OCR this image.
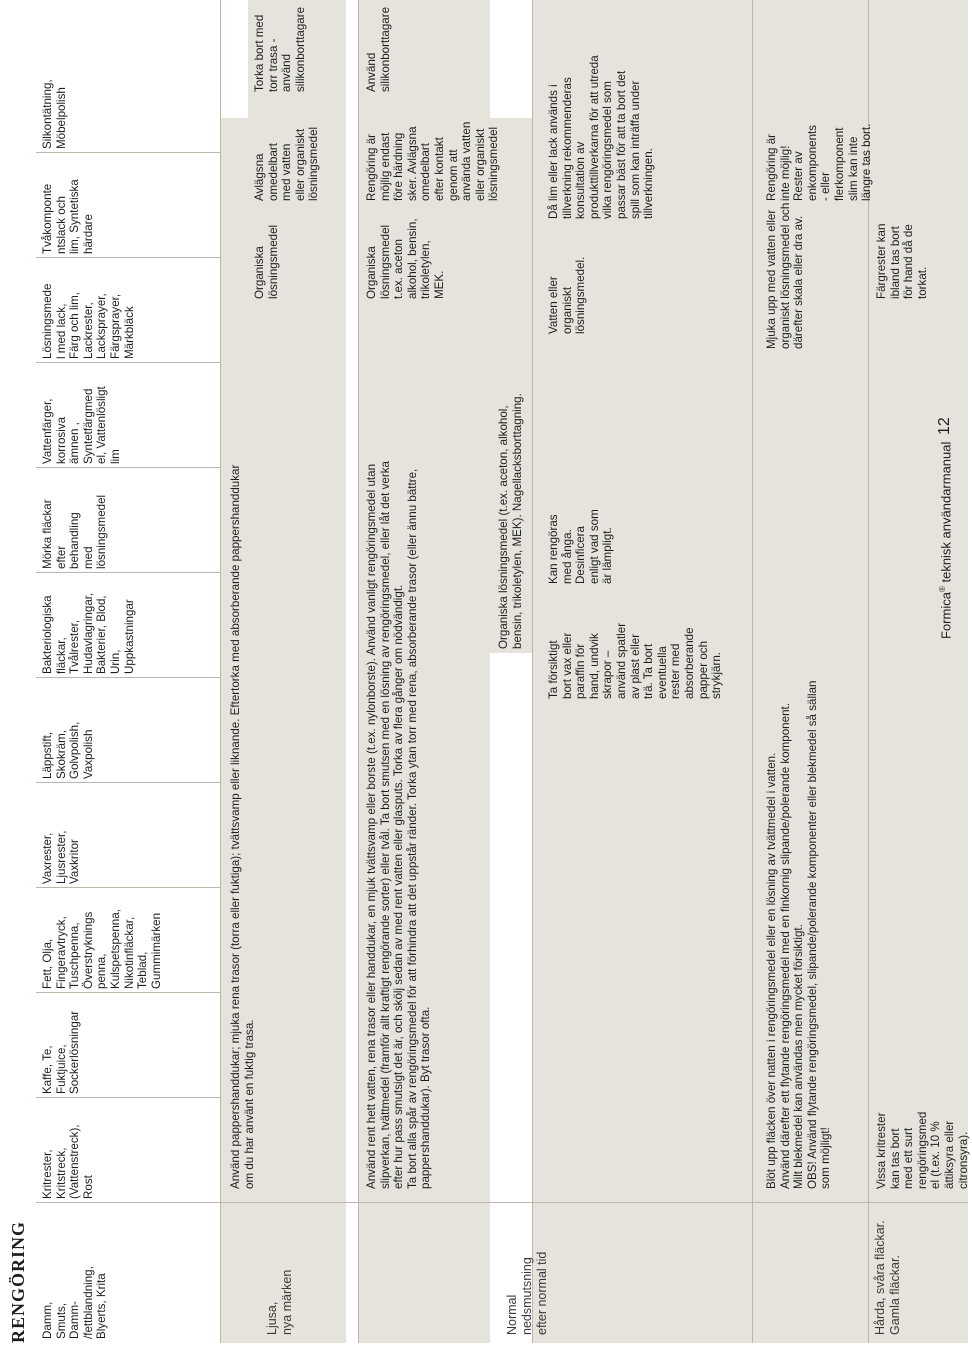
RENGÖRING Damm, Smuts, Damm- /fettblandning, Blyerts, Krita
Kritrester, Kritstreck, (Vattenstreck), Rost
Kaffe, Te, Fuktjuice, Sockerlösningar
Fett, Olja, Fingeravtryck, Tuschpenna, Överstryknings penna, Kulspetspenna, Nikotinfläckar, Teblad, Gummimärken
Vaxrester, Ljusrester, Vaxkritor
Läppstift, Skokräm, Golvpolish, Vaxpolish
Bakteriologiska fläckar, Tvålrester, Hudavlagringar, Bakterier, Blod, Urin, Uppkastningar
Mörka fläckar efter behandling med lösningsmedel
Vattenfärger, korrosiva ämnen , Syntetfärgmed el, Vattenlösligt lim
Lösningsmede l med lack, Färg och lim, Lackrester, Lacksprayer, Färgsprayer, Märkbläck
Tvåkomponte ntslack och lim, Syntetiska härdare
Silkontätning, Möbelpolish
Ljusa, nya märken	Normal nedsmutsning efter normal tid	Hårda, svåra fläckar. Gamla fläckar.
Använd pappershanddukar; mjuka rena trasor (torra eller fuktiga); tvättsvamp eller liknande. Eftertorka med absorberande pappershanddukar om du har använt en fuktig trasa.
Organiska lösningsmedel
Avlägsna omedelbart med vatten eller organiskt lösningsmedel
Torka bort med torr trasa - använd silikonborttagare
Använd rent hett vatten, rena trasor eller handdukar, en mjuk tvättsvamp eller borste (t.ex. nylonborste). Använd vanligt rengöringsmedel utan slipverkan, tvättmedel (framför allt kraftigt rengörande sorter) eller tvål. Ta bort smutsen med en lösning av rengöringsmedel, eller låt det verka efter hur pass smutsigt det är, och skölj sedan av med rent vatten eller glasputs. Torka av flera gånger om nödvändigt. Ta bort alla spår av rengöringsmedel för att förhindra att det uppstår ränder. Torka ytan torr med rena, absorberande trasor (eller ännu bättre, pappershanddukar). Byt trasor ofta.
Organiska lösningsmedel t.ex. aceton alkohol, bensin, trikoletylen, MEK.
Rengöring är möjlig endast före härdning sker. Avlägsna omedelbart efter kontakt genom att använda vatten eller organiskt lösningsmedel
Använd silikonborttagare
Organiska lösningsmedel (t.ex. aceton, alkohol, bensin, trikoletylen, MEK). Nagellacksborttagning.
Ta försiktigt bort vax eller paraffin för hand, undvik skrapor – använd spatler av plast eller trä. Ta bort eventuella rester med absorberande papper och strykjärn.
Kan rengöras med ånga. Desinficera enligt vad som är lämpligt.
Vatten eller organiskt lösningsmedel.
Då lim eller lack används i tillverkning rekommenderas konsultation av produkttillverkarna för att utreda vilka rengöringsmedel som passar bäst för att ta bort det spill som kan inträffa under tillverkningen.
Blöt upp fläcken över natten i rengöringsmedel eller en lösning av tvättmedel i vatten. Använd därefter ett flytande rengöringsmedel med en finkornig slipande/polerande komponent. Milt blekmedel kan användas men mycket försiktigt. OBS! Använd flytande rengöringsmedel, slipande/polerande komponenter eller blekmedel så sällan som möjligt!
Mjuka upp med vatten eller organiskt lösningsmedel och därefter skala eller dra av.
Rengöring är inte möjlig! Rester av enkomponents - eller flerkomponent slim kan inte längre tas bort.
Vissa kritrester kan tas bort med ett surt rengöringsmed el (t.ex. 10 % ättiksyra eller citronsyra).
Färgrester kan ibland tas bort för hand då de torkat.
Formica® teknisk användarmanual
12
